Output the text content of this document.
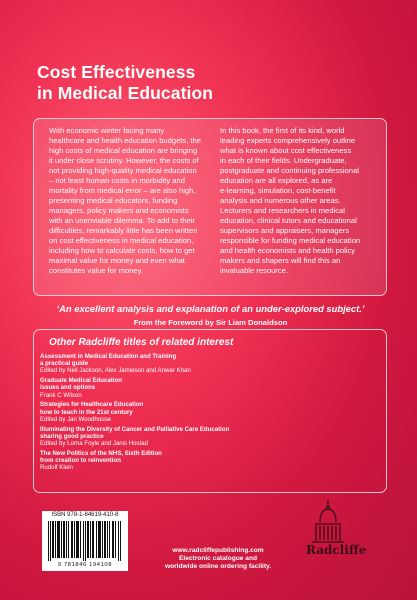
Cost Effectiveness
in Medical Education
With economic winter facing many
healthcare and health education budgets, the
high costs of medical education are bringing
it under close scrutiny. However, the costs of
not providing high-quality medical education
– not least human costs in morbidity and
mortality from medical error – are also high,
presenting medical educators, funding
managers, policy makers and economists
with an unenviable dilemma. To add to their
difficulties, remarkably little has been written
on cost effectiveness in medical education,
including how to calculate costs, how to get
maximal value for money and even what
constitutes value for money.
In this book, the first of its kind, world
leading experts comprehensively outline
what is known about cost effectiveness
in each of their fields. Undergraduate,
postgraduate and continuing professional
education are all explored, as are
e-learning, simulation, cost-benefit
analysis and numerous other areas.
Lecturers and researchers in medical
education, clinical tutors and educational
supervisors and appraisers, managers
responsible for funding medical education
and health economists and health policy
makers and shapers will find this an
invaluable resource.
‘An excellent analysis and explanation of an under-explored subject.’
From the Foreword by Sir Liam Donaldson
Other Radcliffe titles of related interest
Assessment in Medical Education and Training
a practical guide
Edited by Neil Jackson, Alex Jamieson and Anwar Khan
Graduate Medical Education
issues and options
Frank C Wilson
Strategies for Healthcare Education
how to teach in the 21st century
Edited by Jan Woodhouse
Illuminating the Diversity of Cancer and Palliative Care Education
sharing good practice
Edited by Lorna Foyle and Janis Hostad
The New Politics of the NHS, Sixth Edition
from creation to reinvention
Rudolf Klein
ISBN 978-1-84619-410-8
9 781846 194108
www.radcliffepublishing.com
Electronic catalogue and
worldwide online ordering facility.
Radcliffe
